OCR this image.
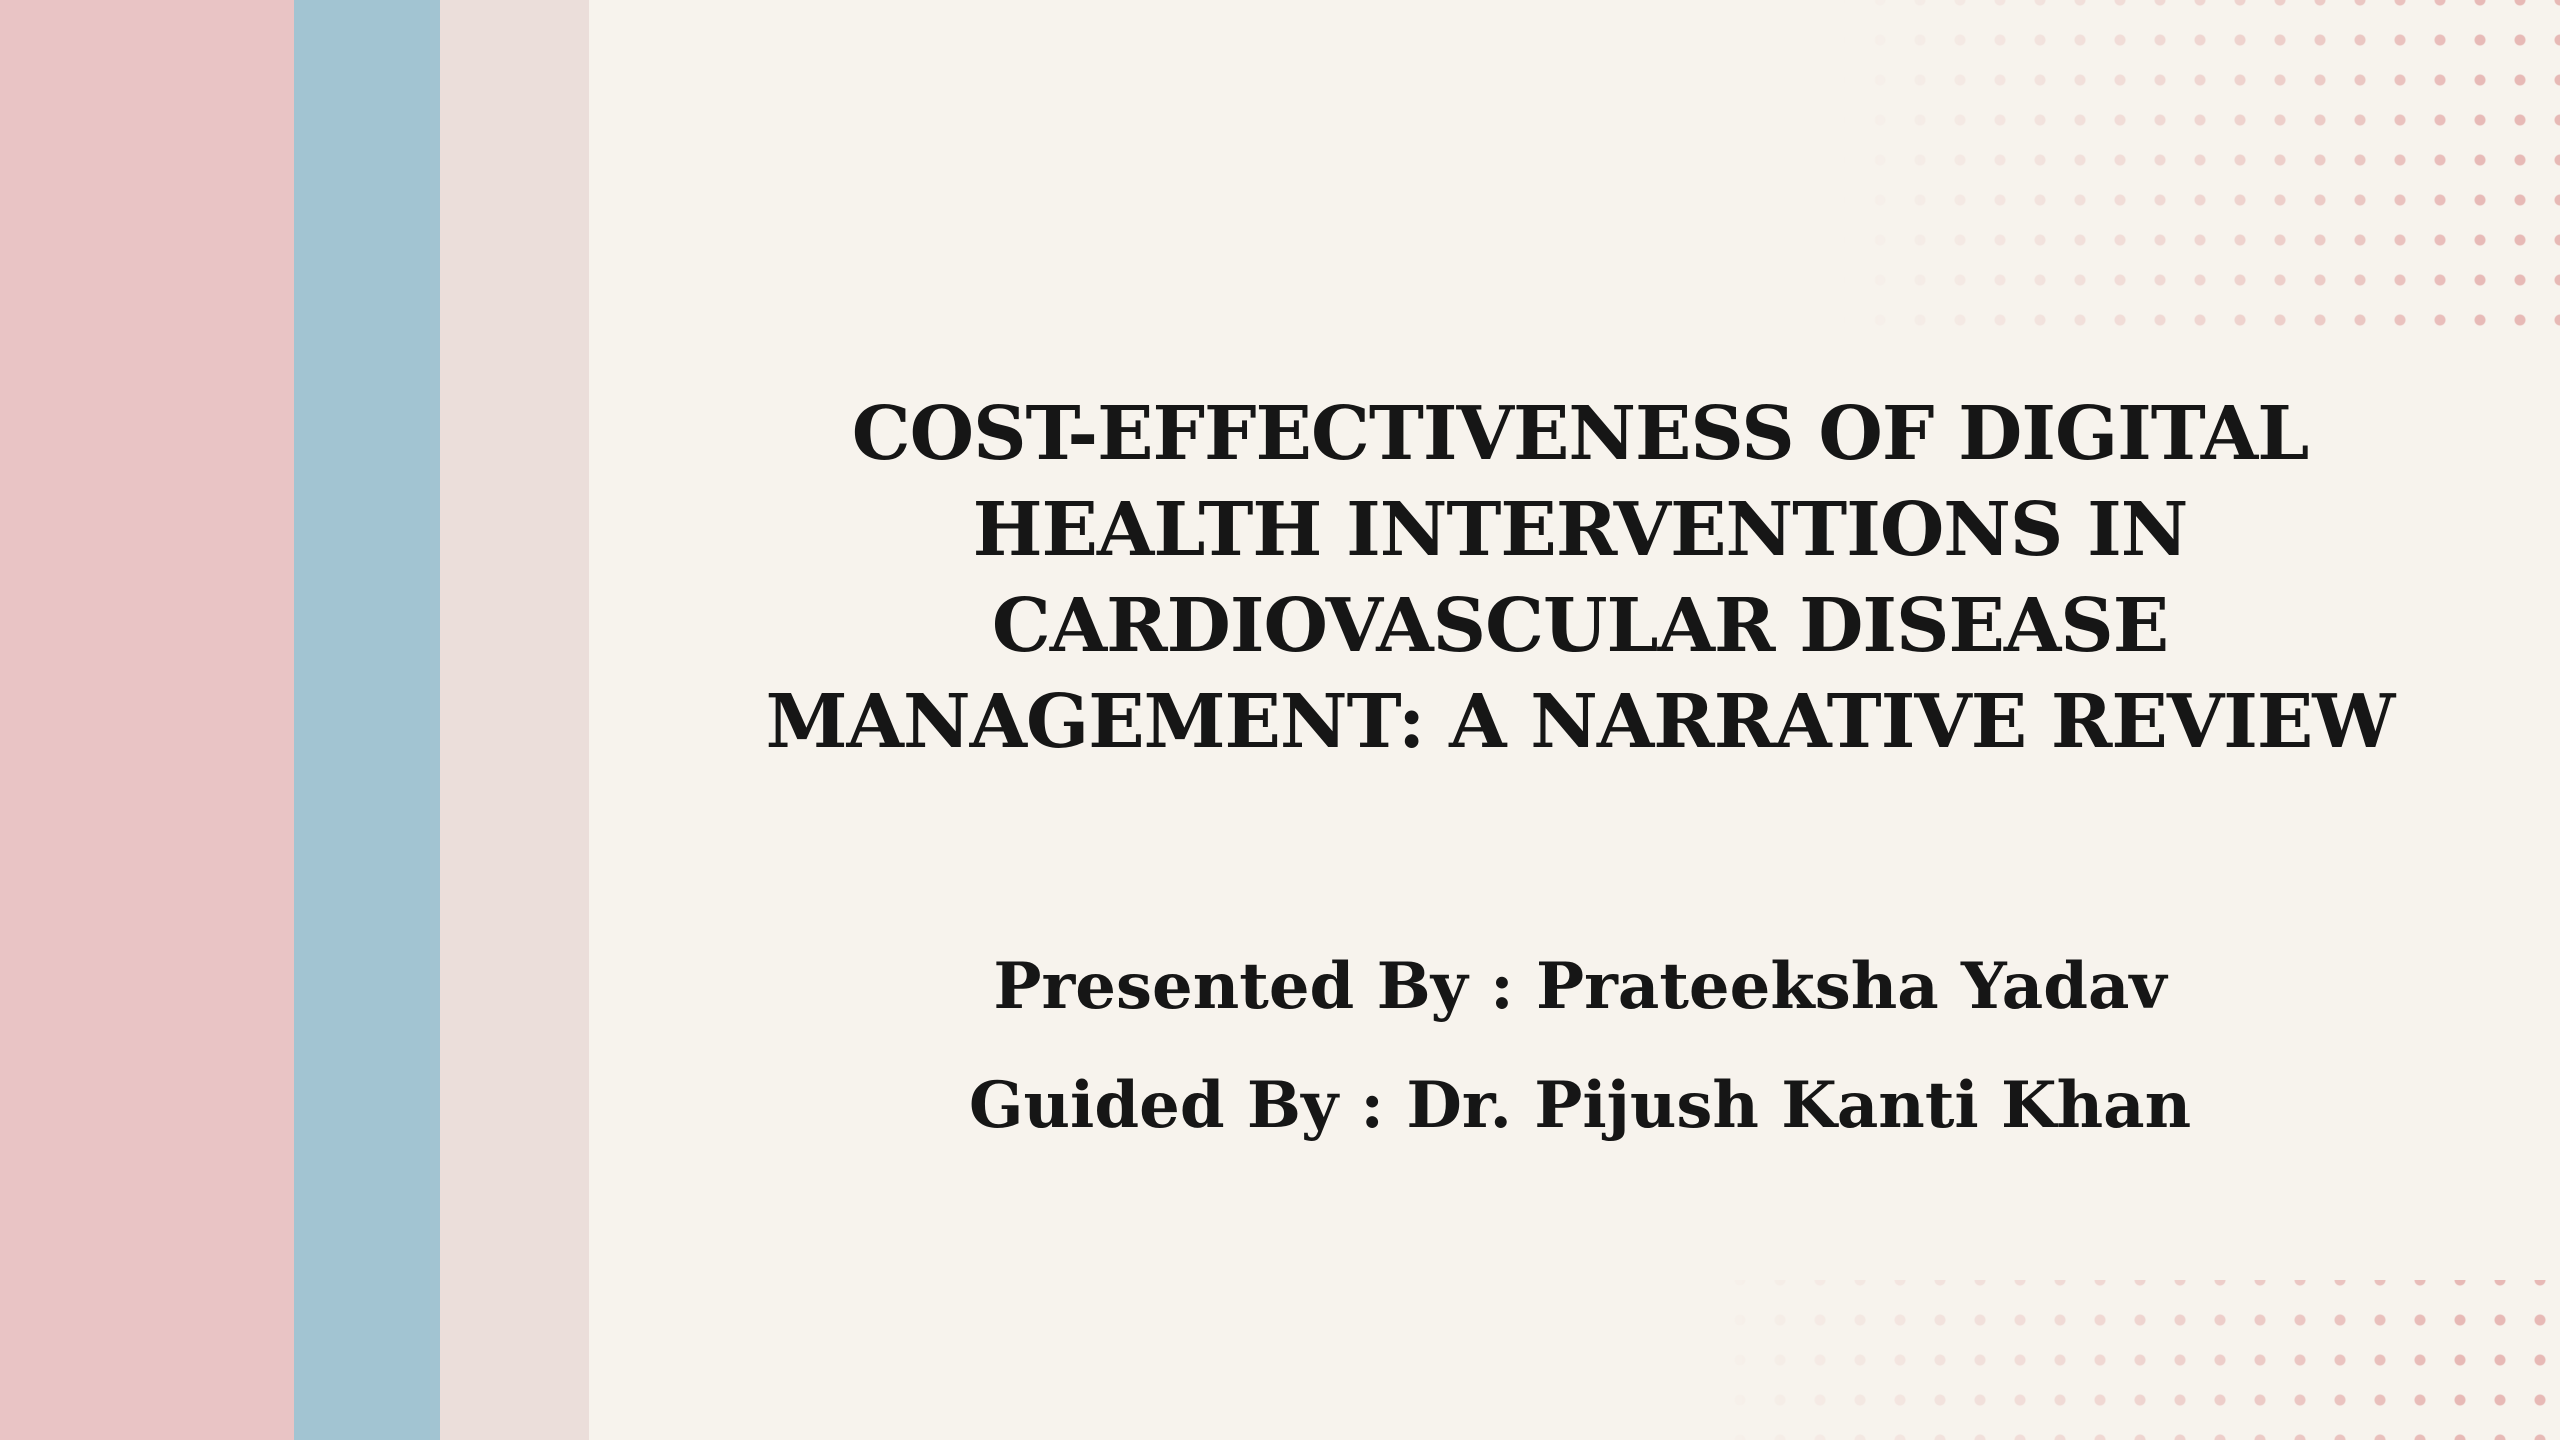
COST-EFFECTIVENESS OF DIGITAL
HEALTH INTERVENTIONS IN
CARDIOVASCULAR DISEASE
MANAGEMENT: A NARRATIVE REVIEW
Presented By : Prateeksha Yadav
Guided By : Dr. Pijush Kanti Khan
